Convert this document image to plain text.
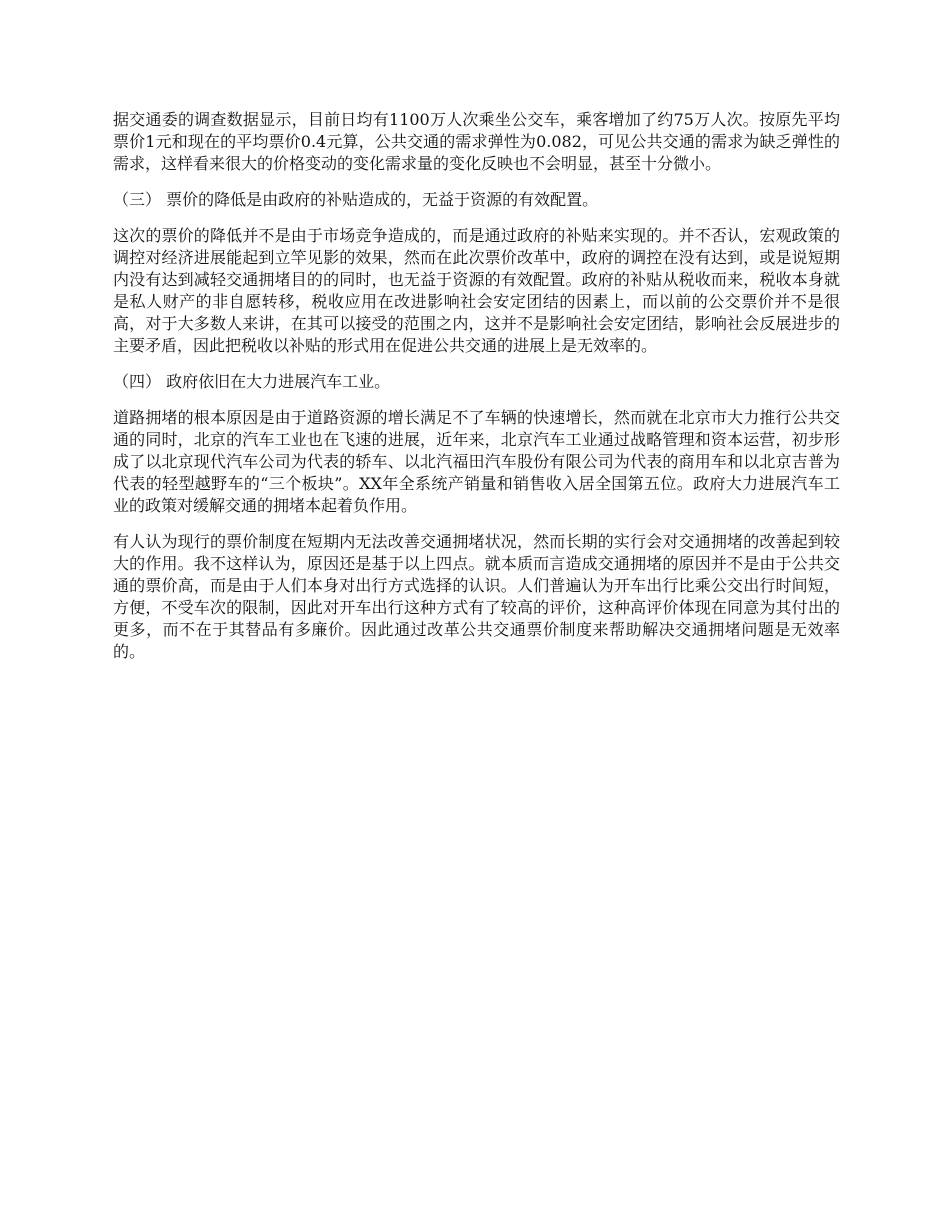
据交通委的调查数据显示，目前日均有1100万人次乘坐公交车，乘客增加了约75万人次。按原先平均票价1元和现在的平均票价0.4元算，公共交通的需求弹性为0.082，可见公共交通的需求为缺乏弹性的需求，这样看来很大的价格变动的变化需求量的变化反映也不会明显，甚至十分微小。

（三） 票价的降低是由政府的补贴造成的，无益于资源的有效配置。

这次的票价的降低并不是由于市场竞争造成的，而是通过政府的补贴来实现的。并不否认，宏观政策的调控对经济进展能起到立竿见影的效果，然而在此次票价改革中，政府的调控在没有达到，或是说短期内没有达到减轻交通拥堵目的的同时，也无益于资源的有效配置。政府的补贴从税收而来，税收本身就是私人财产的非自愿转移，税收应用在改进影响社会安定团结的因素上，而以前的公交票价并不是很高，对于大多数人来讲，在其可以接受的范围之内，这并不是影响社会安定团结，影响社会反展进步的主要矛盾，因此把税收以补贴的形式用在促进公共交通的进展上是无效率的。

（四） 政府依旧在大力进展汽车工业。

道路拥堵的根本原因是由于道路资源的增长满足不了车辆的快速增长，然而就在北京市大力推行公共交通的同时，北京的汽车工业也在飞速的进展，近年来，北京汽车工业通过战略管理和资本运营，初步形成了以北京现代汽车公司为代表的轿车、以北汽福田汽车股份有限公司为代表的商用车和以北京吉普为代表的轻型越野车的“三个板块”。XX年全系统产销量和销售收入居全国第五位。政府大力进展汽车工业的政策对缓解交通的拥堵本起着负作用。

有人认为现行的票价制度在短期内无法改善交通拥堵状况，然而长期的实行会对交通拥堵的改善起到较大的作用。我不这样认为，原因还是基于以上四点。就本质而言造成交通拥堵的原因并不是由于公共交通的票价高，而是由于人们本身对出行方式选择的认识。人们普遍认为开车出行比乘公交出行时间短，方便，不受车次的限制，因此对开车出行这种方式有了较高的评价，这种高评价体现在同意为其付出的更多，而不在于其替品有多廉价。因此通过改革公共交通票价制度来帮助解决交通拥堵问题是无效率的。
